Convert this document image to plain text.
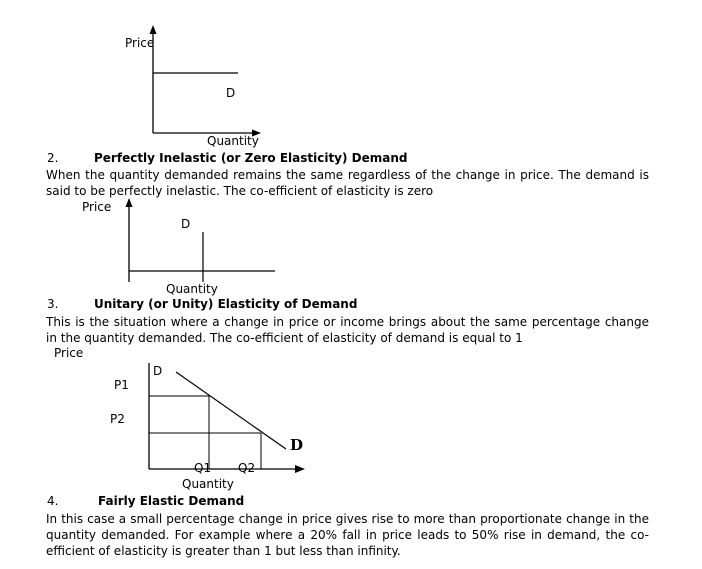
Price
D
Quantity
2.	Perfectly Inelastic (or Zero Elasticity) Demand
When the quantity demanded remains the same regardless of the change in price. The demand is said to be perfectly inelastic. The co-efficient of elasticity is zero
Price
D
Quantity
3.	Unitary (or Unity) Elasticity of Demand
This is the situation where a change in price or income brings about the same percentage change in the quantity demanded. The co-efficient of elasticity of demand is equal to 1
Price
D
P1
P2
D
Q1 Q2
Quantity
4.	Fairly Elastic Demand
In this case a small percentage change in price gives rise to more than proportionate change in the quantity demanded. For example where a 20% fall in price leads to 50% rise in demand, the co-efficient of elasticity is greater than 1 but less than infinity.
